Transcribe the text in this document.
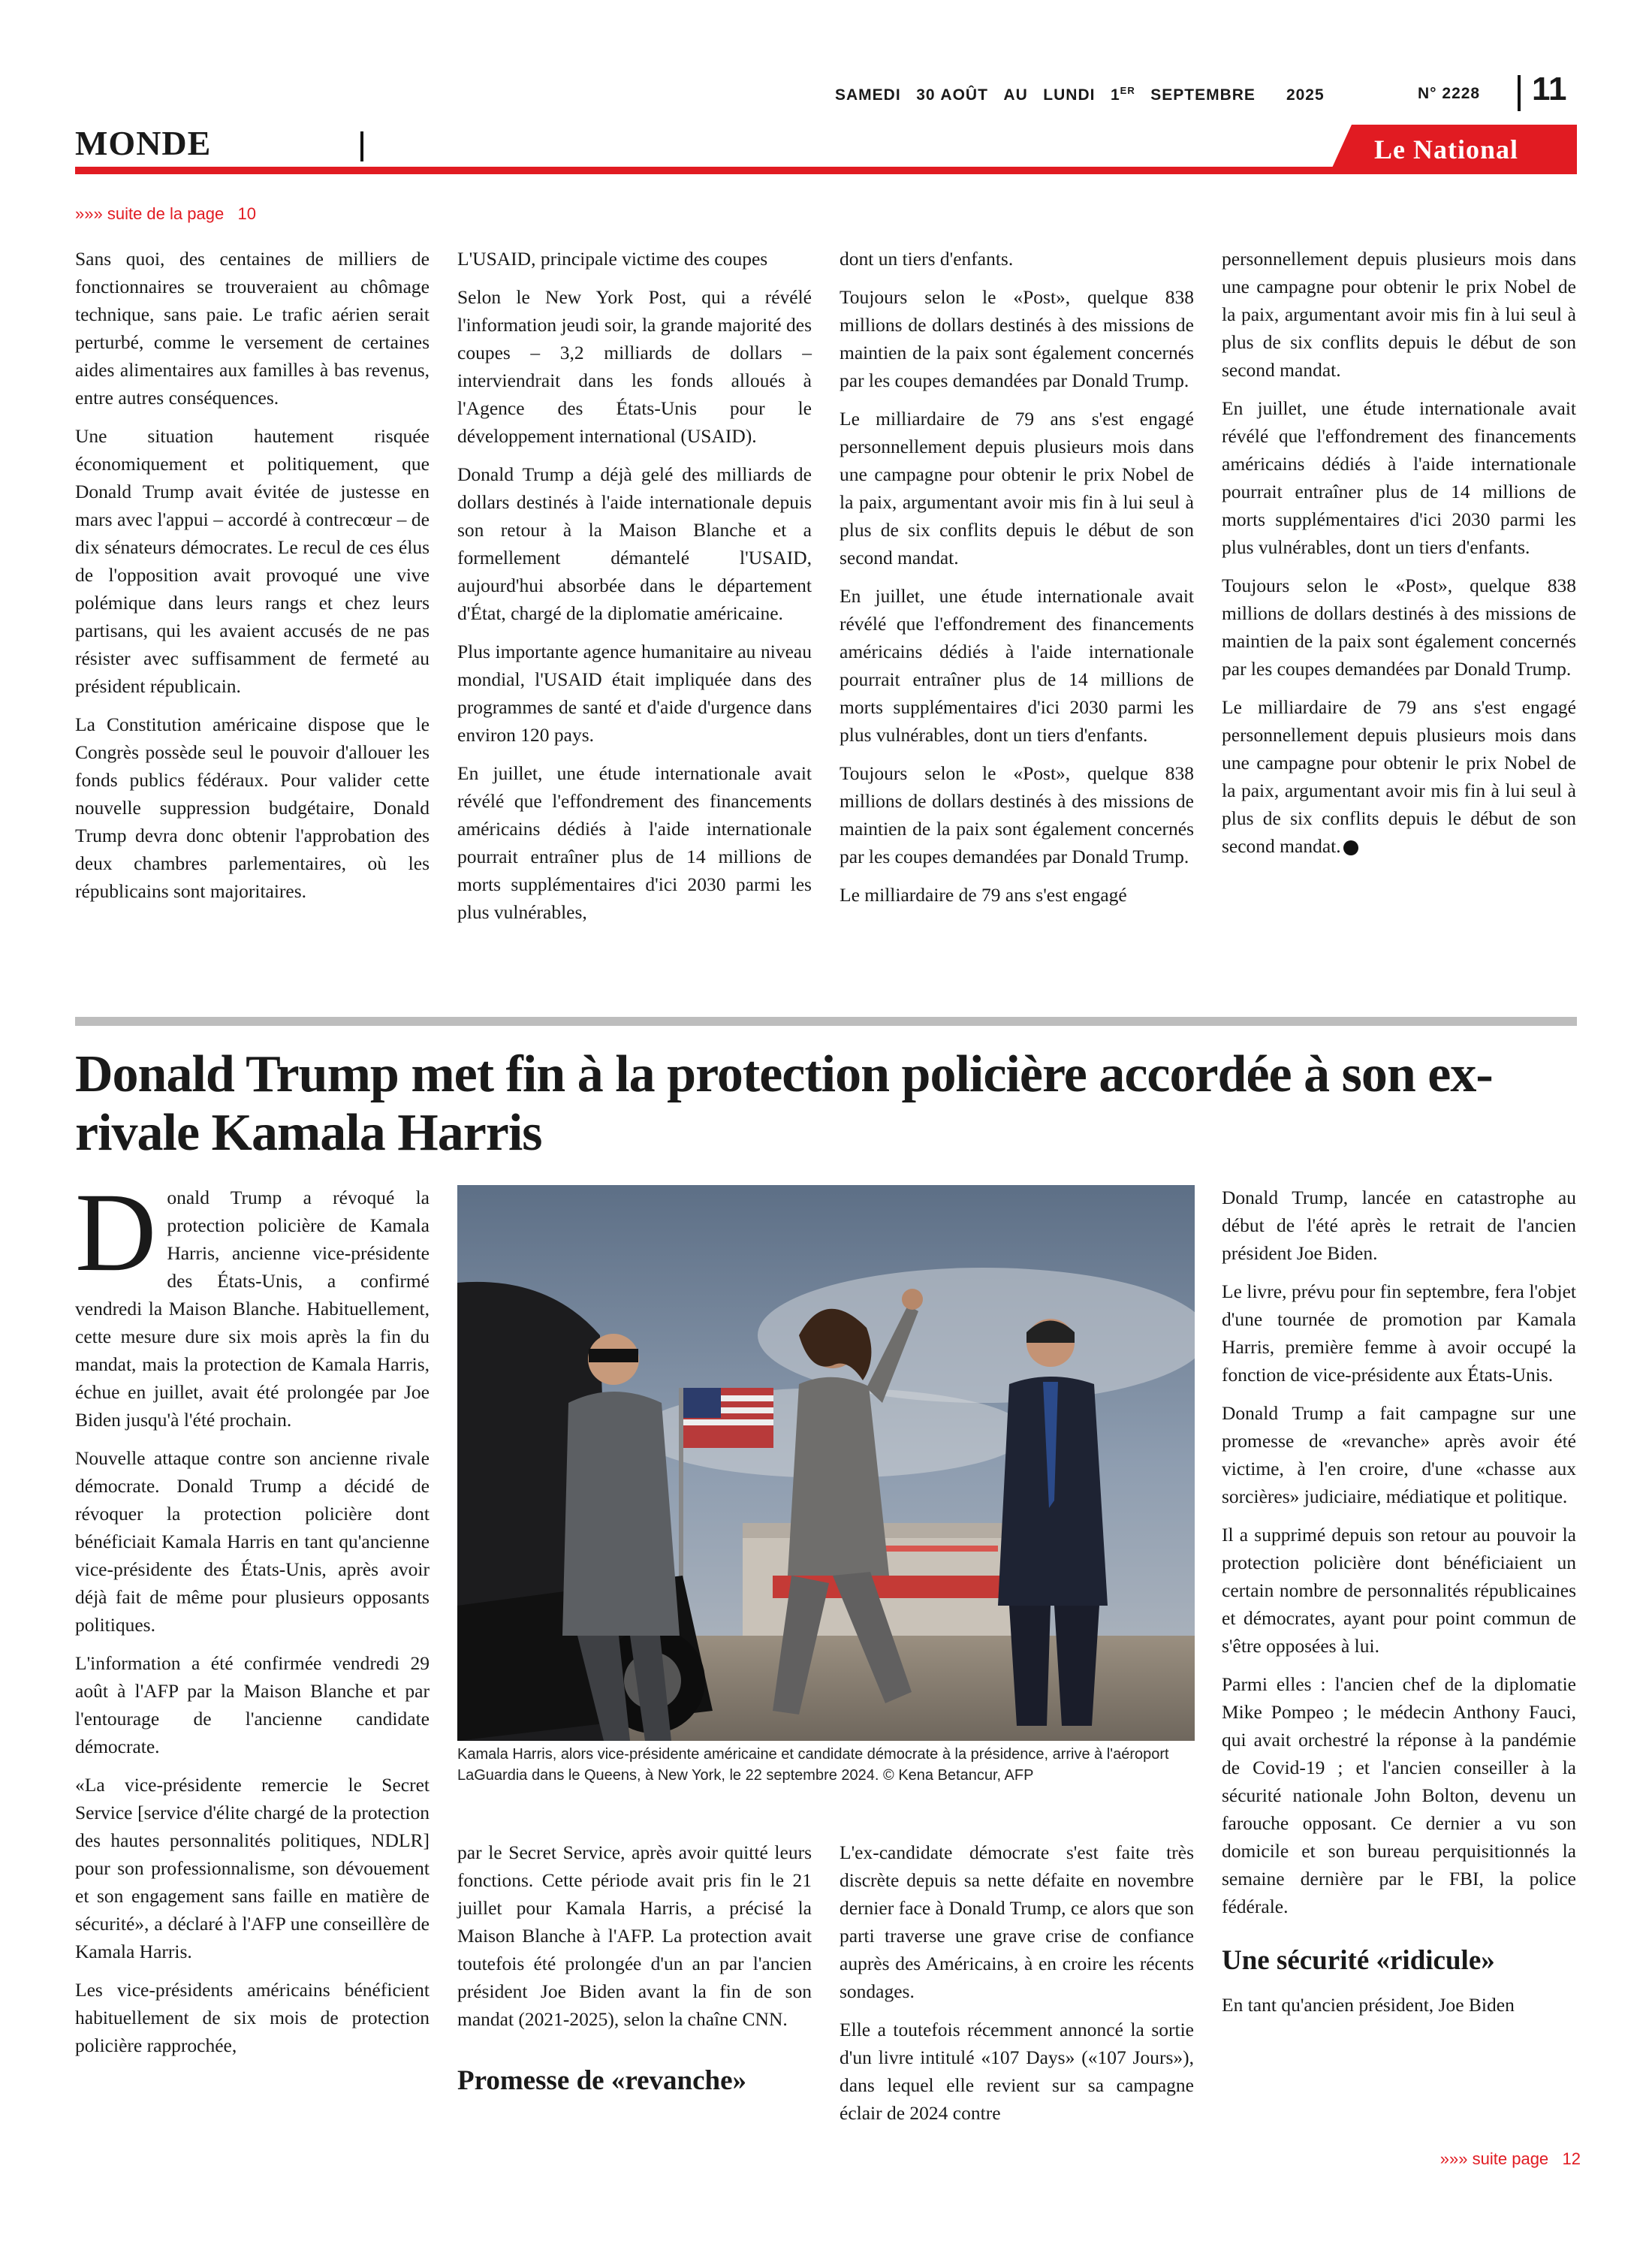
SAMEDI 30 AOÛT AU LUNDI 1ER SEPTEMBRE 2025	N° 2228	11
MONDE	Le National
»»» suite de la page 10

Sans quoi, des centaines de milliers de fonctionnaires se trouveraient au chômage technique, sans paie. Le trafic aérien serait perturbé, comme le versement de certaines aides alimentaires aux familles à bas revenus, entre autres conséquences.

Une situation hautement risquée économiquement et politiquement, que Donald Trump avait évitée de justesse en mars avec l'appui – accordé à contrecœur – de dix sénateurs démocrates. Le recul de ces élus de l'opposition avait provoqué une vive polémique dans leurs rangs et chez leurs partisans, qui les avaient accusés de ne pas résister avec suffisamment de fermeté au président républicain.

La Constitution américaine dispose que le Congrès possède seul le pouvoir d'allouer les fonds publics fédéraux. Pour valider cette nouvelle suppression budgétaire, Donald Trump devra donc obtenir l'approbation des deux chambres parlementaires, où les républicains sont majoritaires.

L'USAID, principale victime des coupes

Selon le New York Post, qui a révélé l'information jeudi soir, la grande majorité des coupes – 3,2 milliards de dollars – interviendrait dans les fonds alloués à l'Agence des États-Unis pour le développement international (USAID).

Donald Trump a déjà gelé des milliards de dollars destinés à l'aide internationale depuis son retour à la Maison Blanche et a formellement démantelé l'USAID, aujourd'hui absorbée dans le département d'État, chargé de la diplomatie américaine.

Plus importante agence humanitaire au niveau mondial, l'USAID était impliquée dans des programmes de santé et d'aide d'urgence dans environ 120 pays.

En juillet, une étude internationale avait révélé que l'effondrement des financements américains dédiés à l'aide internationale pourrait entraîner plus de 14 millions de morts supplémentaires d'ici 2030 parmi les plus vulnérables,

dont un tiers d'enfants.

Toujours selon le «Post», quelque 838 millions de dollars destinés à des missions de maintien de la paix sont également concernés par les coupes demandées par Donald Trump.

Le milliardaire de 79 ans s'est engagé personnellement depuis plusieurs mois dans une campagne pour obtenir le prix Nobel de la paix, argumentant avoir mis fin à lui seul à plus de six conflits depuis le début de son second mandat.

En juillet, une étude internationale avait révélé que l'effondrement des financements américains dédiés à l'aide internationale pourrait entraîner plus de 14 millions de morts supplémentaires d'ici 2030 parmi les plus vulnérables, dont un tiers d'enfants.

Toujours selon le «Post», quelque 838 millions de dollars destinés à des missions de maintien de la paix sont également concernés par les coupes demandées par Donald Trump.

Le milliardaire de 79 ans s'est engagé

personnellement depuis plusieurs mois dans une campagne pour obtenir le prix Nobel de la paix, argumentant avoir mis fin à lui seul à plus de six conflits depuis le début de son second mandat.

En juillet, une étude internationale avait révélé que l'effondrement des financements américains dédiés à l'aide internationale pourrait entraîner plus de 14 millions de morts supplémentaires d'ici 2030 parmi les plus vulnérables, dont un tiers d'enfants.

Toujours selon le «Post», quelque 838 millions de dollars destinés à des missions de maintien de la paix sont également concernés par les coupes demandées par Donald Trump.

Le milliardaire de 79 ans s'est engagé personnellement depuis plusieurs mois dans une campagne pour obtenir le prix Nobel de la paix, argumentant avoir mis fin à lui seul à plus de six conflits depuis le début de son second mandat.

Donald Trump met fin à la protection policière accordée à son ex-rivale Kamala Harris

Donald Trump a révoqué la protection policière de Kamala Harris, ancienne vice-présidente des États-Unis, a confirmé vendredi la Maison Blanche. Habituellement, cette mesure dure six mois après la fin du mandat, mais la protection de Kamala Harris, échue en juillet, avait été prolongée par Joe Biden jusqu'à l'été prochain.

Nouvelle attaque contre son ancienne rivale démocrate. Donald Trump a décidé de révoquer la protection policière dont bénéficiait Kamala Harris en tant qu'ancienne vice-présidente des États-Unis, après avoir déjà fait de même pour plusieurs opposants politiques.

L'information a été confirmée vendredi 29 août à l'AFP par la Maison Blanche et par l'entourage de l'ancienne candidate démocrate.

«La vice-présidente remercie le Secret Service [service d'élite chargé de la protection des hautes personnalités politiques, NDLR] pour son professionnalisme, son dévouement et son engagement sans faille en matière de sécurité», a déclaré à l'AFP une conseillère de Kamala Harris.

Les vice-présidents américains bénéficient habituellement de six mois de protection policière rapprochée,

Kamala Harris, alors vice-présidente américaine et candidate démocrate à la présidence, arrive à l'aéroport LaGuardia dans le Queens, à New York, le 22 septembre 2024. © Kena Betancur, AFP

par le Secret Service, après avoir quitté leurs fonctions. Cette période avait pris fin le 21 juillet pour Kamala Harris, a précisé la Maison Blanche à l'AFP. La protection avait toutefois été prolongée d'un an par l'ancien président Joe Biden avant la fin de son mandat (2021-2025), selon la chaîne CNN.

Promesse de «revanche»

L'ex-candidate démocrate s'est faite très discrète depuis sa nette défaite en novembre dernier face à Donald Trump, ce alors que son parti traverse une grave crise de confiance auprès des Américains, à en croire les récents sondages.

Elle a toutefois récemment annoncé la sortie d'un livre intitulé «107 Days» («107 Jours»), dans lequel elle revient sur sa campagne éclair de 2024 contre

Donald Trump, lancée en catastrophe au début de l'été après le retrait de l'ancien président Joe Biden.

Le livre, prévu pour fin septembre, fera l'objet d'une tournée de promotion par Kamala Harris, première femme à avoir occupé la fonction de vice-présidente aux États-Unis.

Donald Trump a fait campagne sur une promesse de «revanche» après avoir été victime, à l'en croire, d'une «chasse aux sorcières» judiciaire, médiatique et politique.

Il a supprimé depuis son retour au pouvoir la protection policière dont bénéficiaient un certain nombre de personnalités républicaines et démocrates, ayant pour point commun de s'être opposées à lui.

Parmi elles : l'ancien chef de la diplomatie Mike Pompeo ; le médecin Anthony Fauci, qui avait orchestré la réponse à la pandémie de Covid-19 ; et l'ancien conseiller à la sécurité nationale John Bolton, devenu un farouche opposant. Ce dernier a vu son domicile et son bureau perquisitionnés la semaine dernière par le FBI, la police fédérale.

Une sécurité «ridicule»

En tant qu'ancien président, Joe Biden

»»» suite page 12
